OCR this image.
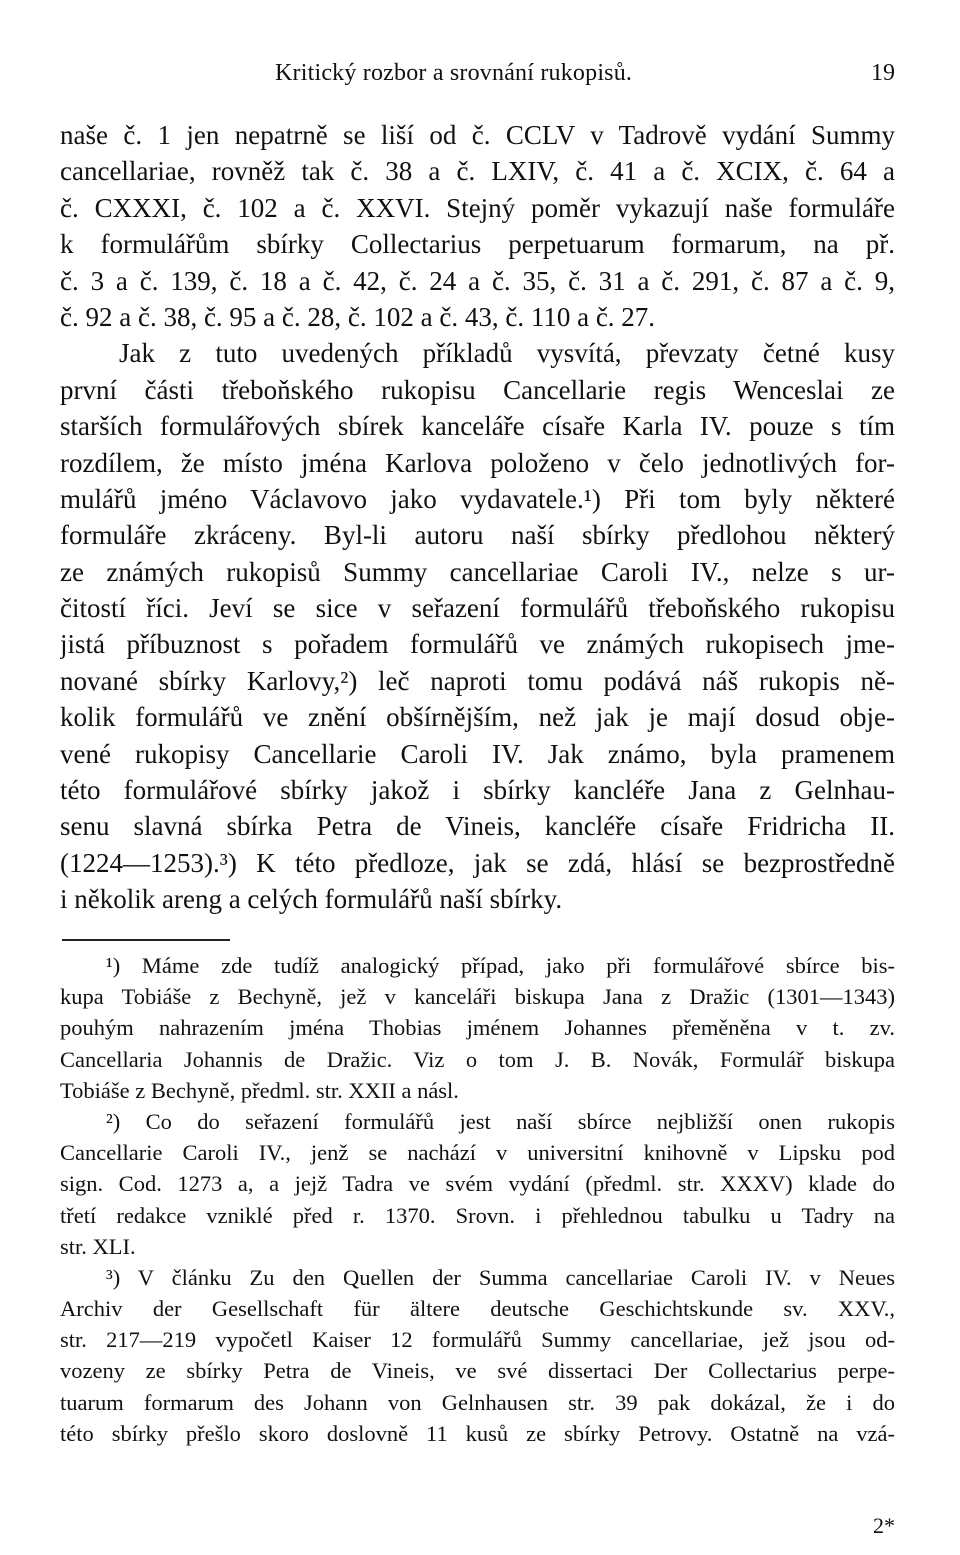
Kritický rozbor a srovnání rukopisů.	19
naše č. 1 jen nepatrně se liší od č. CCLV v Tadrově vydání Summy
cancellariae, rovněž tak č. 38 a č. LXIV, č. 41 a č. XCIX, č. 64 a
č. CXXXI, č. 102 a č. XXVI. Stejný poměr vykazují naše formuláře
k formulářům sbírky Collectarius perpetuarum formarum, na př.
č. 3 a č. 139, č. 18 a č. 42, č. 24 a č. 35, č. 31 a č. 291, č. 87 a č. 9,
č. 92 a č. 38, č. 95 a č. 28, č. 102 a č. 43, č. 110 a č. 27.
Jak z tuto uvedených příkladů vysvítá, převzaty četné kusy
první části třeboňského rukopisu Cancellarie regis Wenceslai ze
starších formulářových sbírek kanceláře císaře Karla IV. pouze s tím
rozdílem, že místo jména Karlova položeno v čelo jednotlivých for-
mulářů jméno Václavovo jako vydavatele.¹) Při tom byly některé
formuláře zkráceny. Byl-li autoru naší sbírky předlohou některý
ze známých rukopisů Summy cancellariae Caroli IV., nelze s ur-
čitostí říci. Jeví se sice v seřazení formulářů třeboňského rukopisu
jistá příbuznost s pořadem formulářů ve známých rukopisech jme-
nované sbírky Karlovy,²) leč naproti tomu podává náš rukopis ně-
kolik formulářů ve znění obšírnějším, než jak je mají dosud obje-
vené rukopisy Cancellarie Caroli IV. Jak známo, byla pramenem
této formulářové sbírky jakož i sbírky kancléře Jana z Gelnhau-
senu slavná sbírka Petra de Vineis, kancléře císaře Fridricha II.
(1224—1253).³) K této předloze, jak se zdá, hlásí se bezprostředně
i několik areng a celých formulářů naší sbírky.
¹) Máme zde tudíž analogický případ, jako při formulářové sbírce bis-
kupa Tobiáše z Bechyně, jež v kanceláři biskupa Jana z Dražic (1301—1343)
pouhým nahrazením jména Thobias jménem Johannes přeměněna v t. zv.
Cancellaria Johannis de Dražic. Viz o tom J. B. Novák, Formulář biskupa
Tobiáše z Bechyně, předml. str. XXII a násl.
²) Co do seřazení formulářů jest naší sbírce nejbližší onen rukopis
Cancellarie Caroli IV., jenž se nachází v universitní knihovně v Lipsku pod
sign. Cod. 1273 a, a jejž Tadra ve svém vydání (předml. str. XXXV) klade do
třetí redakce vzniklé před r. 1370. Srovn. i přehlednou tabulku u Tadry na
str. XLI.
³) V článku Zu den Quellen der Summa cancellariae Caroli IV. v Neues
Archiv der Gesellschaft für ältere deutsche Geschichtskunde sv. XXV.,
str. 217—219 vypočetl Kaiser 12 formulářů Summy cancellariae, jež jsou od-
vozeny ze sbírky Petra de Vineis, ve své dissertaci Der Collectarius perpe-
tuarum formarum des Johann von Gelnhausen str. 39 pak dokázal, že i do
této sbírky přešlo skoro doslovně 11 kusů ze sbírky Petrovy. Ostatně na vzá-
2*
